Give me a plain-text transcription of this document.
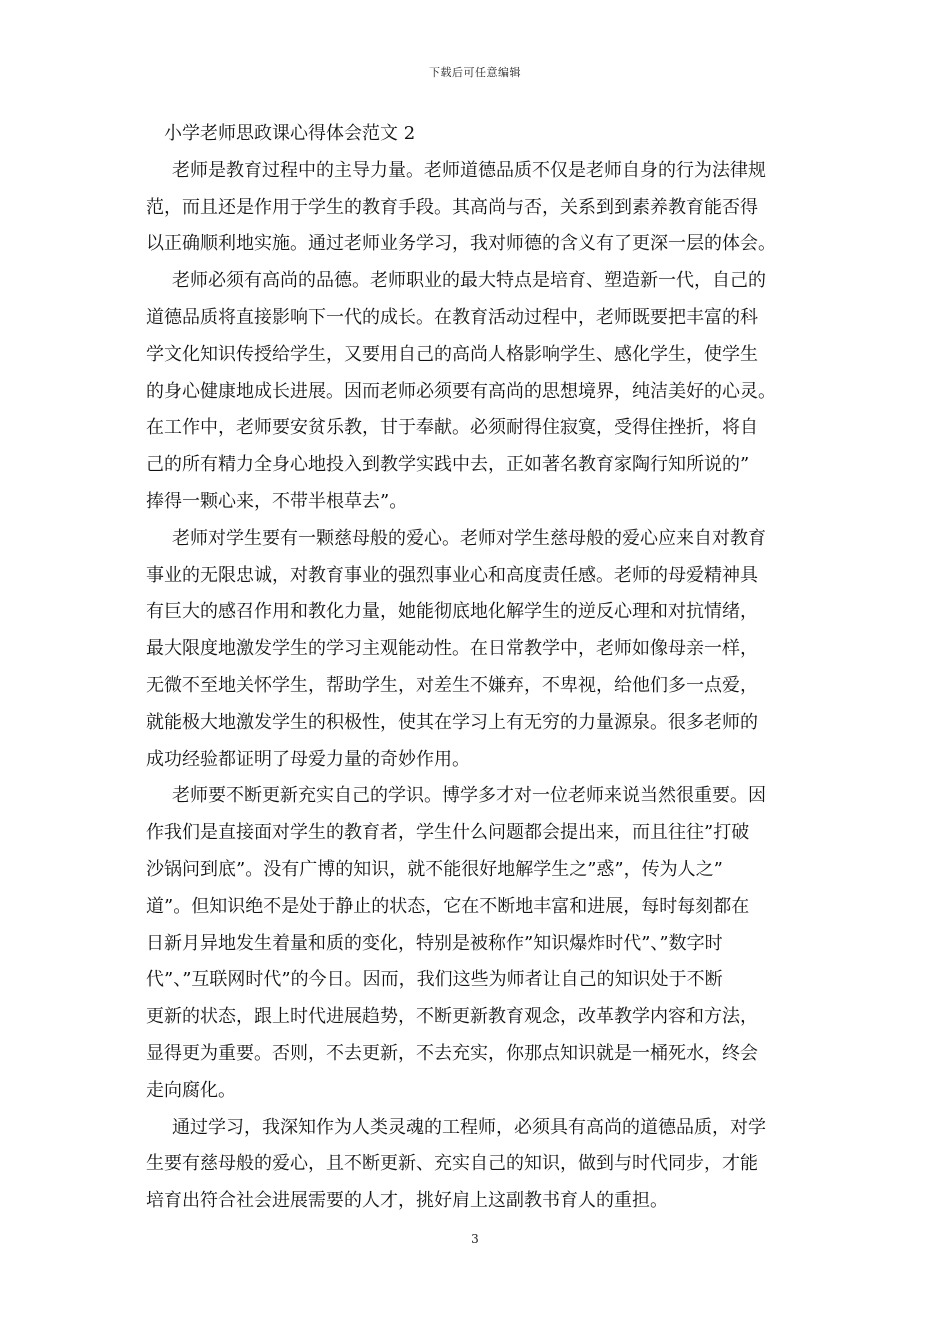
下载后可任意编辑
小学老师思政课心得体会范文 2

老师是教育过程中的主导力量。老师道德品质不仅是老师自身的行为法律规
范，而且还是作用于学生的教育手段。其高尚与否，关系到到素养教育能否得
以正确顺利地实施。通过老师业务学习，我对师德的含义有了更深一层的体会。

老师必须有高尚的品德。老师职业的最大特点是培育、塑造新一代，自己的
道德品质将直接影响下一代的成长。在教育活动过程中，老师既要把丰富的科
学文化知识传授给学生，又要用自己的高尚人格影响学生、感化学生，使学生
的身心健康地成长进展。因而老师必须要有高尚的思想境界，纯洁美好的心灵。
在工作中，老师要安贫乐教，甘于奉献。必须耐得住寂寞，受得住挫折，将自
己的所有精力全身心地投入到教学实践中去，正如著名教育家陶行知所说的”
捧得一颗心来，不带半根草去”。

老师对学生要有一颗慈母般的爱心。老师对学生慈母般的爱心应来自对教育
事业的无限忠诚，对教育事业的强烈事业心和高度责任感。老师的母爱精神具
有巨大的感召作用和教化力量，她能彻底地化解学生的逆反心理和对抗情绪，
最大限度地激发学生的学习主观能动性。在日常教学中，老师如像母亲一样，
无微不至地关怀学生，帮助学生，对差生不嫌弃，不卑视，给他们多一点爱，
就能极大地激发学生的积极性，使其在学习上有无穷的力量源泉。很多老师的
成功经验都证明了母爱力量的奇妙作用。

老师要不断更新充实自己的学识。博学多才对一位老师来说当然很重要。因
作我们是直接面对学生的教育者，学生什么问题都会提出来，而且往往”打破
沙锅问到底”。没有广博的知识，就不能很好地解学生之”惑”，传为人之”
道”。但知识绝不是处于静止的状态，它在不断地丰富和进展，每时每刻都在
日新月异地发生着量和质的变化，特别是被称作”知识爆炸时代”、”数字时
代”、”互联网时代”的今日。因而，我们这些为师者让自己的知识处于不断
更新的状态，跟上时代进展趋势，不断更新教育观念，改革教学内容和方法，
显得更为重要。否则，不去更新，不去充实，你那点知识就是一桶死水，终会
走向腐化。

通过学习，我深知作为人类灵魂的工程师，必须具有高尚的道德品质，对学
生要有慈母般的爱心，且不断更新、充实自己的知识，做到与时代同步，才能
培育出符合社会进展需要的人才，挑好肩上这副教书育人的重担。

3
